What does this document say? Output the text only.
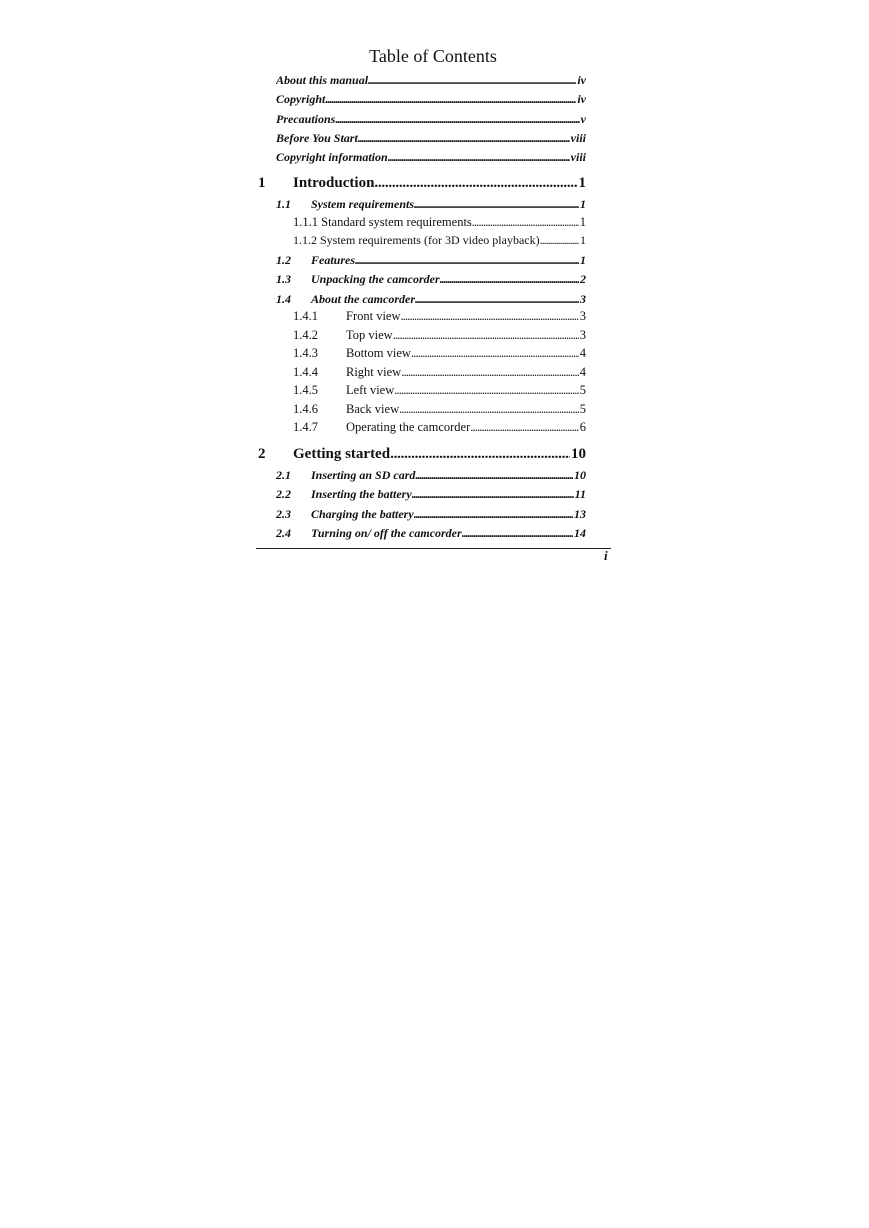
Table of Contents
About this manual . . .	iv
Copyright . . .	iv
Precautions . . .	v
Before You Start . . .	viii
Copyright information . . .	viii
1	Introduction . . .	1
1.1	System requirements . . .	1
1.1.1 Standard system requirements . . .	1
1.1.2 System requirements (for 3D video playback) . . .	1
1.2	Features . . .	1
1.3	Unpacking the camcorder . . .	2
1.4	About the camcorder . . .	3
1.4.1	Front view . . .	3
1.4.2	Top view . . .	3
1.4.3	Bottom view . . .	4
1.4.4	Right view . . .	4
1.4.5	Left view . . .	5
1.4.6	Back view . . .	5
1.4.7	Operating the camcorder . . .	6
2	Getting started . . .	10
2.1	Inserting an SD card . . .	10
2.2	Inserting the battery . . .	11
2.3	Charging the battery . . .	13
2.4	Turning on/ off the camcorder . . .	14
i
